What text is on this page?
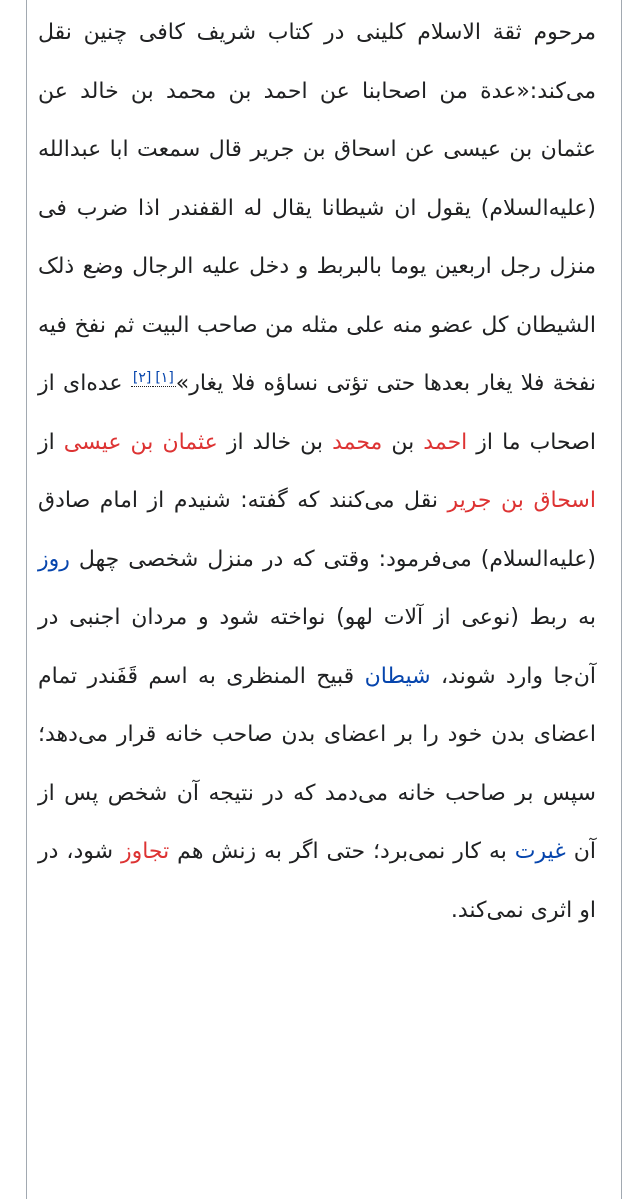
مرحوم ثقة الاسلام کلینی در کتاب شریف کافی چنین نقل می‌کند:«عدة من اصحابنا عن احمد بن محمد بن خالد عن عثمان بن عیسی عن اسحاق بن جریر قال سمعت ابا عبدالله (علیه‌السلام) یقول ان شیطانا یقال له القفندر اذا ضرب فی منزل رجل اربعین یوما بالبربط و دخل علیه الرجال وضع ذلک الشیطان کل عضو منه علی مثله من صاحب البیت ثم نفخ فیه نفخة فلا یغار بعدها حتی تؤتی نساؤه فلا یغار»[۱][۲] عده‌ای از اصحاب ما از احمد بن محمد بن خالد از عثمان بن عیسی از اسحاق بن جریر نقل می‌کنند که گفته: شنیدم از امام صادق (علیه‌السلام) می‌فرمود: وقتی که در منزل شخصی چهل روز به ربط (نوعی از آلات لهو) نواخته شود و مردان اجنبی در آن‌جا وارد شوند، شیطان قبیح المنظری به اسم قَفَندر تمام اعضای بدن خود را بر اعضای بدن صاحب خانه قرار می‌دهد؛ سپس بر صاحب خانه می‌دمد که در نتیجه آن شخص پس از آن غیرت به کار نمی‌برد؛ حتی اگر به زنش هم تجاوز شود، در او اثری نمی‌کند.
